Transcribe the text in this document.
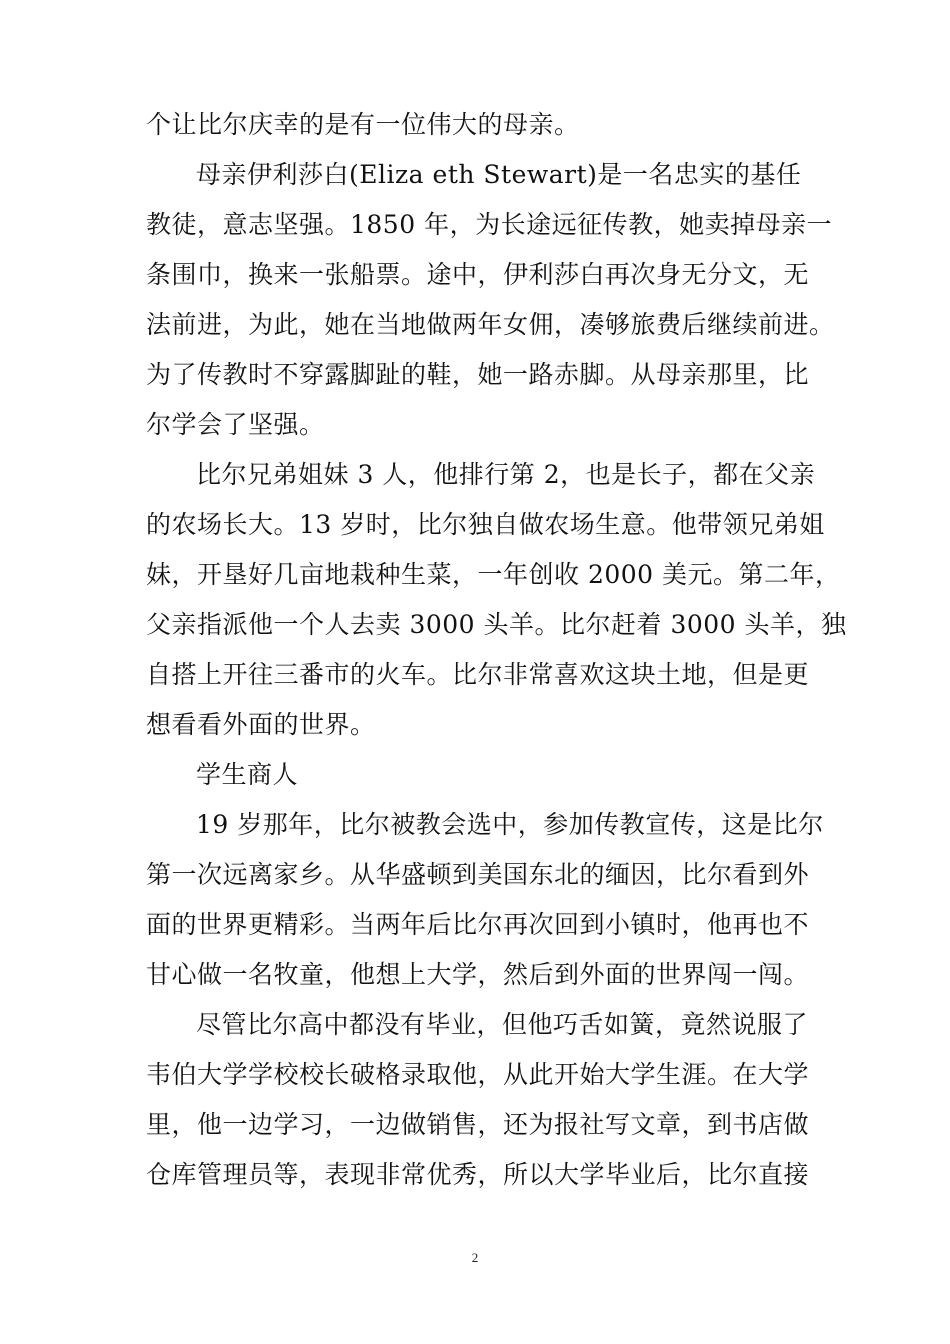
个让比尔庆幸的是有一位伟大的母亲。
母亲伊利莎白(Eliza eth Stewart)是一名忠实的基任
教徒，意志坚强。1850 年，为长途远征传教，她卖掉母亲一
条围巾，换来一张船票。途中，伊利莎白再次身无分文，无
法前进，为此，她在当地做两年女佣，凑够旅费后继续前进。
为了传教时不穿露脚趾的鞋，她一路赤脚。从母亲那里，比
尔学会了坚强。
比尔兄弟姐妹 3 人，他排行第 2，也是长子，都在父亲
的农场长大。13 岁时，比尔独自做农场生意。他带领兄弟姐
妹，开垦好几亩地栽种生菜，一年创收 2000 美元。第二年，
父亲指派他一个人去卖 3000 头羊。比尔赶着 3000 头羊，独
自搭上开往三番市的火车。比尔非常喜欢这块土地，但是更
想看看外面的世界。
学生商人
19 岁那年，比尔被教会选中，参加传教宣传，这是比尔
第一次远离家乡。从华盛顿到美国东北的缅因，比尔看到外
面的世界更精彩。当两年后比尔再次回到小镇时，他再也不
甘心做一名牧童，他想上大学，然后到外面的世界闯一闯。
尽管比尔高中都没有毕业，但他巧舌如簧，竟然说服了
韦伯大学学校校长破格录取他，从此开始大学生涯。在大学
里，他一边学习，一边做销售，还为报社写文章，到书店做
仓库管理员等，表现非常优秀，所以大学毕业后，比尔直接
2
